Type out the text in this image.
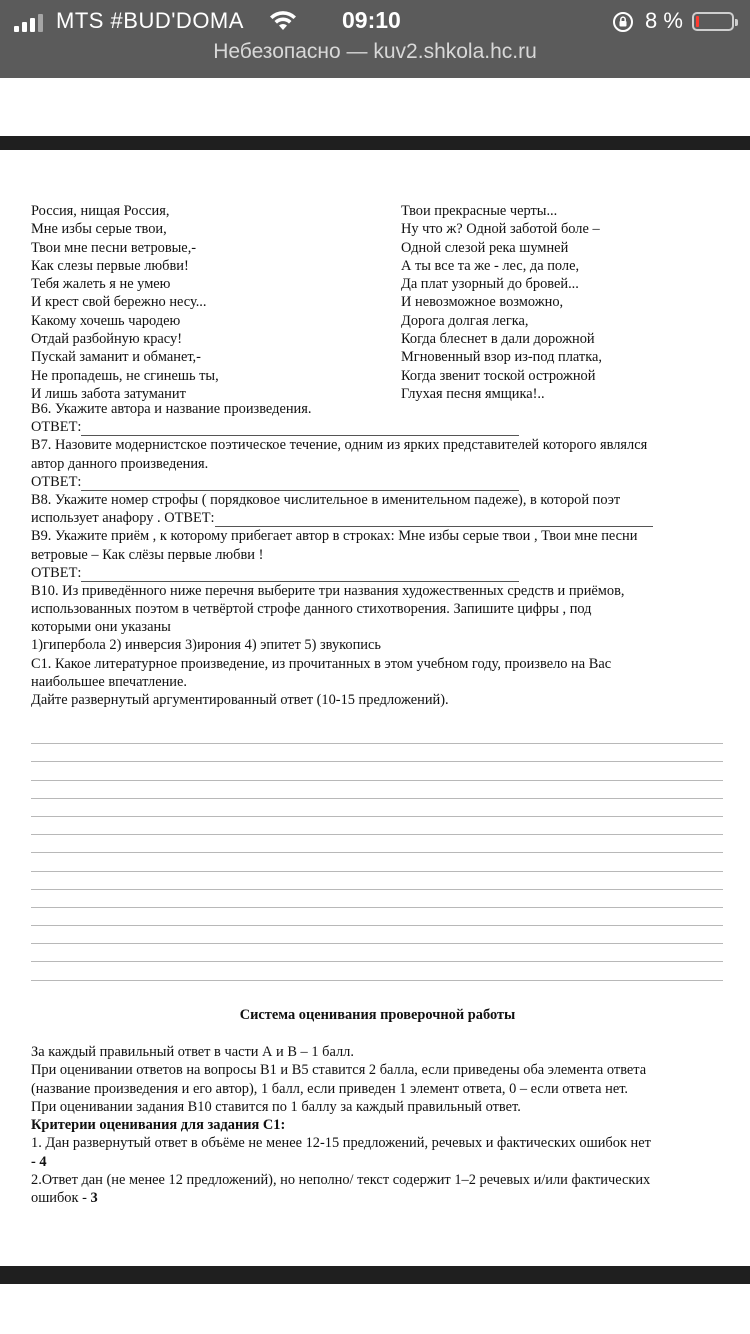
MTS #BUD'DOMA	09:10	8 %
Небезопасно — kuv2.shkola.hc.ru
Россия, нищая Россия,
Мне избы серые твои,
Твои мне песни ветровые,-
Как слезы первые любви!
Тебя жалеть я не умею
И крест свой бережно несу...
Какому хочешь чародею
Отдай разбойную красу!
Пускай заманит и обманет,-
Не пропадешь, не сгинешь ты,
И лишь забота затуманит
Твои прекрасные черты...
Ну что ж? Одной заботой боле –
Одной слезой река шумней
А ты все та же - лес, да поле,
Да плат узорный до бровей...
И невозможное возможно,
Дорога долгая легка,
Когда блеснет в дали дорожной
Мгновенный взор из-под платка,
Когда звенит тоской острожной
Глухая песня ямщика!..
В6. Укажите автора и название произведения.
ОТВЕТ:
В7. Назовите модернистское поэтическое течение, одним из ярких представителей которого являлся
автор данного произведения.
ОТВЕТ:
В8. Укажите номер строфы ( порядковое числительное в именительном падеже), в которой поэт
использует анафору . ОТВЕТ:
В9. Укажите приём , к которому прибегает автор в строках: Мне избы серые твои , Твои мне песни
ветровые – Как слёзы первые любви !
ОТВЕТ:
В10. Из приведённого ниже перечня выберите три названия художественных средств и приёмов,
использованных поэтом в четвёртой строфе данного стихотворения. Запишите цифры , под
которыми они указаны
1)гипербола 2) инверсия 3)ирония 4) эпитет 5) звукопись
С1. Какое литературное произведение, из прочитанных в этом учебном году, произвело на Вас
наибольшее впечатление.
Дайте развернутый аргументированный ответ (10-15 предложений).
Система оценивания проверочной работы
За каждый правильный ответ в части А и В – 1 балл.
При оценивании ответов на вопросы В1 и В5 ставится 2 балла, если приведены оба элемента ответа
(название произведения и его автор), 1 балл, если приведен 1 элемент ответа, 0 – если ответа нет.
При оценивании задания В10 ставится по 1 баллу за каждый правильный ответ.
Критерии оценивания для задания С1:
1. Дан развернутый ответ в объёме не менее 12-15 предложений, речевых и фактических ошибок нет
- 4
2.Ответ дан (не менее 12 предложений), но неполно/ текст содержит 1–2 речевых и/или фактических
ошибок - 3
